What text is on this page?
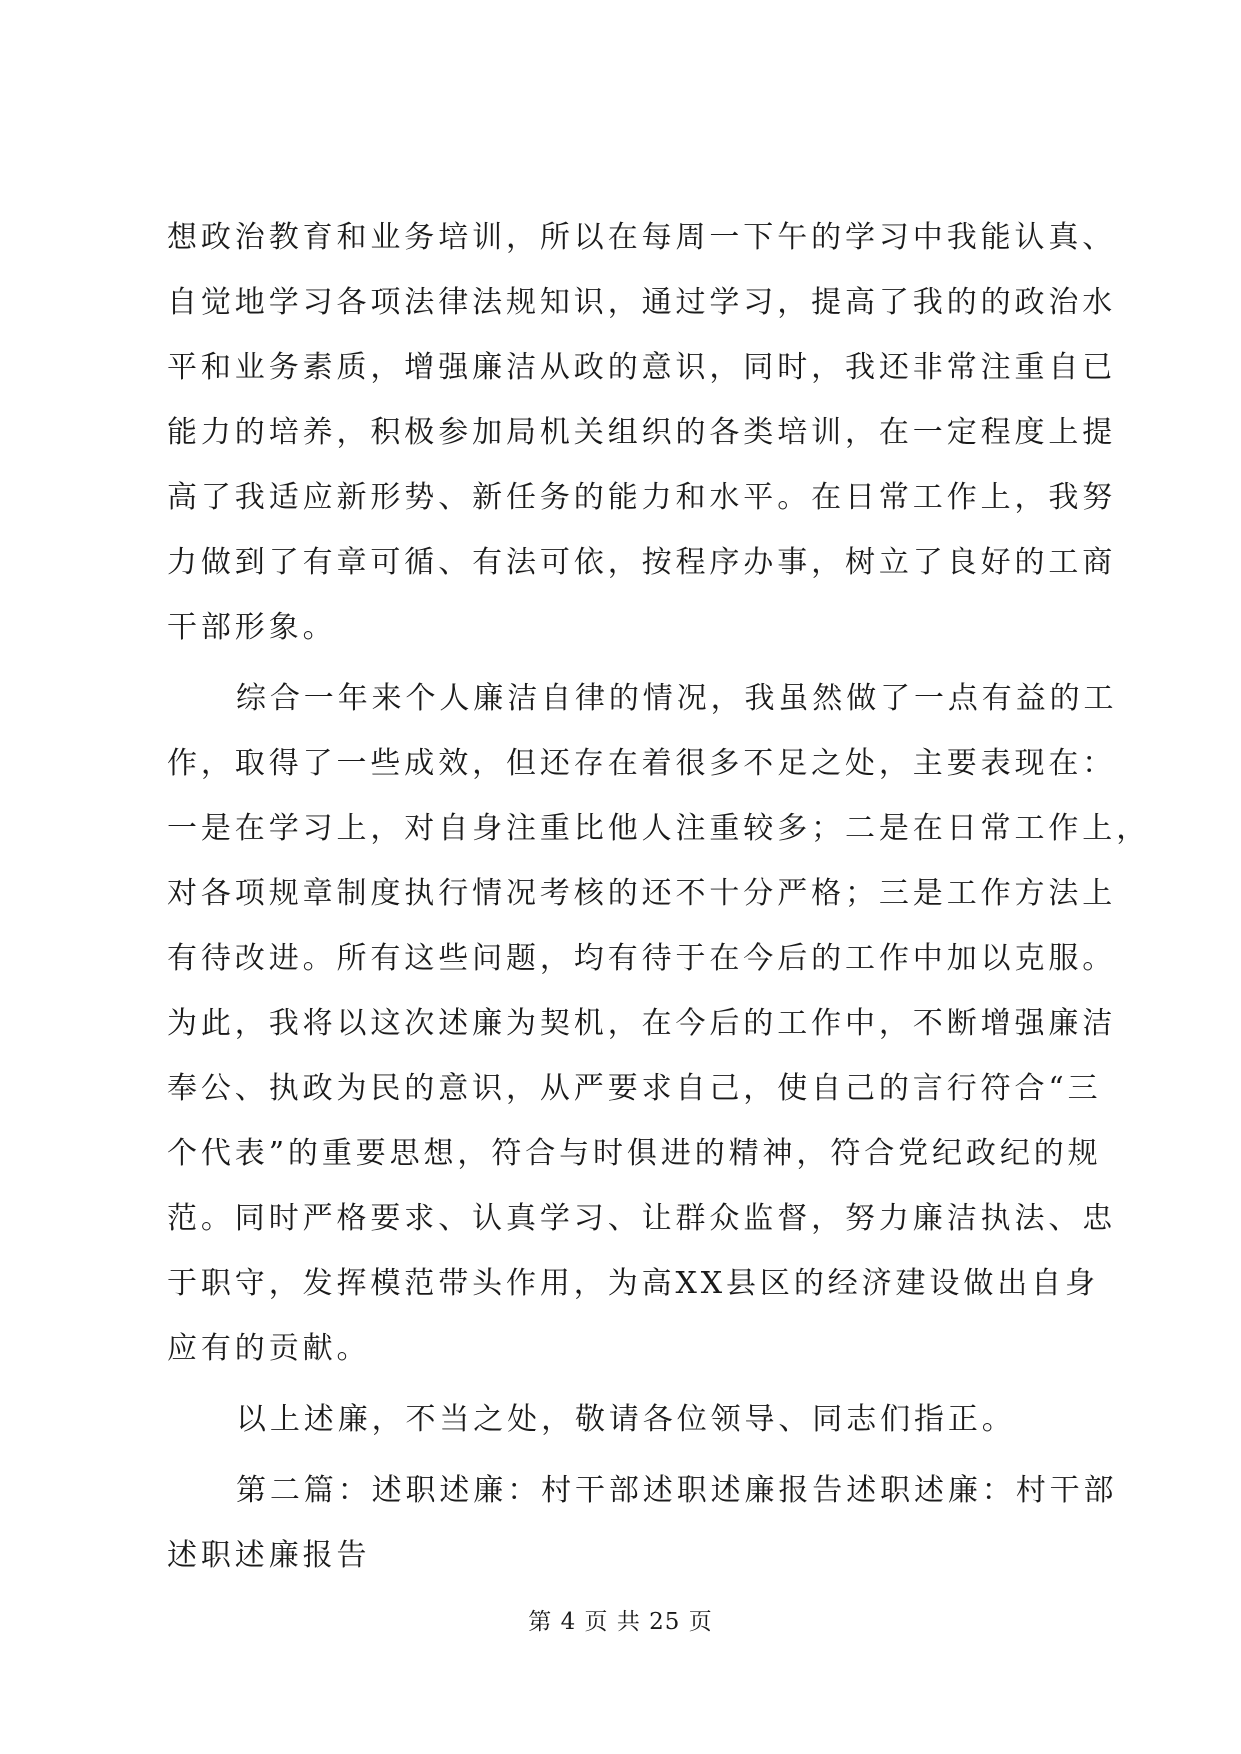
想政治教育和业务培训，所以在每周一下午的学习中我能认真、
自觉地学习各项法律法规知识，通过学习，提高了我的的政治水
平和业务素质，增强廉洁从政的意识，同时，我还非常注重自已
能力的培养，积极参加局机关组织的各类培训，在一定程度上提
高了我适应新形势、新任务的能力和水平。在日常工作上，我努
力做到了有章可循、有法可依，按程序办事，树立了良好的工商
干部形象。
综合一年来个人廉洁自律的情况，我虽然做了一点有益的工
作，取得了一些成效，但还存在着很多不足之处，主要表现在：
一是在学习上，对自身注重比他人注重较多；二是在日常工作上，
对各项规章制度执行情况考核的还不十分严格；三是工作方法上
有待改进。所有这些问题，均有待于在今后的工作中加以克服。
为此，我将以这次述廉为契机，在今后的工作中，不断增强廉洁
奉公、执政为民的意识，从严要求自己，使自己的言行符合“三
个代表”的重要思想，符合与时俱进的精神，符合党纪政纪的规
范。同时严格要求、认真学习、让群众监督，努力廉洁执法、忠
于职守，发挥模范带头作用，为高XX县区的经济建设做出自身
应有的贡献。
以上述廉，不当之处，敬请各位领导、同志们指正。
第二篇：述职述廉：村干部述职述廉报告述职述廉：村干部
述职述廉报告
第 4 页 共 25 页
